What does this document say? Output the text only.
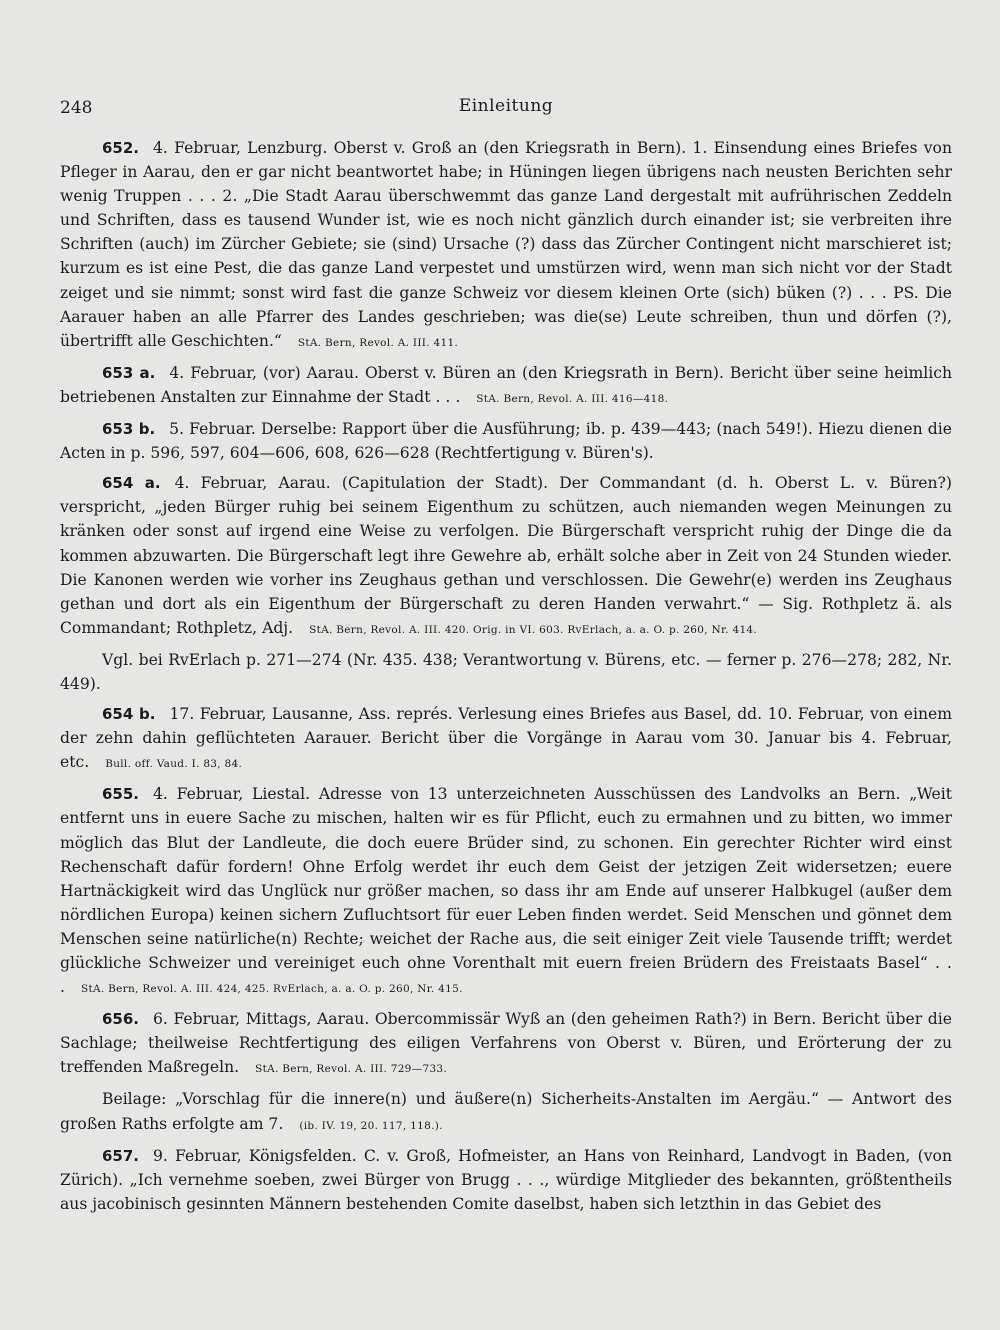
248	Einleitung

652. 4. Februar, Lenzburg. Oberst v. Groß an (den Kriegsrath in Bern). 1. Einsendung eines Briefes von Pfleger in Aarau, den er gar nicht beantwortet habe; in Hüningen liegen übrigens nach neusten Berichten sehr wenig Truppen . . . 2. „Die Stadt Aarau überschwemmt das ganze Land dergestalt mit aufrührischen Zeddeln und Schriften, dass es tausend Wunder ist, wie es noch nicht gänzlich durch einander ist; sie verbreiten ihre Schriften (auch) im Zürcher Gebiete; sie (sind) Ursache (?) dass das Zürcher Contingent nicht marschieret ist; kurzum es ist eine Pest, die das ganze Land verpestet und umstürzen wird, wenn man sich nicht vor der Stadt zeiget und sie nimmt; sonst wird fast die ganze Schweiz vor diesem kleinen Orte (sich) büken (?) . . . PS. Die Aarauer haben an alle Pfarrer des Landes geschrieben; was die(se) Leute schreiben, thun und dörfen (?), übertrifft alle Geschichten.“ StA. Bern, Revol. A. III. 411.

653 a. 4. Februar, (vor) Aarau. Oberst v. Büren an (den Kriegsrath in Bern). Bericht über seine heimlich betriebenen Anstalten zur Einnahme der Stadt . . . StA. Bern, Revol. A. III. 416—418.

653 b. 5. Februar. Derselbe: Rapport über die Ausführung; ib. p. 439—443; (nach 549!). Hiezu dienen die Acten in p. 596, 597, 604—606, 608, 626—628 (Rechtfertigung v. Büren's).

654 a. 4. Februar, Aarau. (Capitulation der Stadt). Der Commandant (d. h. Oberst L. v. Büren?) verspricht, „jeden Bürger ruhig bei seinem Eigenthum zu schützen, auch niemanden wegen Meinungen zu kränken oder sonst auf irgend eine Weise zu verfolgen. Die Bürgerschaft verspricht ruhig der Dinge die da kommen abzuwarten. Die Bürgerschaft legt ihre Gewehre ab, erhält solche aber in Zeit von 24 Stunden wieder. Die Kanonen werden wie vorher ins Zeughaus gethan und verschlossen. Die Gewehr(e) werden ins Zeughaus gethan und dort als ein Eigenthum der Bürgerschaft zu deren Handen verwahrt.“ — Sig. Rothpletz ä. als Commandant; Rothpletz, Adj. StA. Bern, Revol. A. III. 420. Orig. in VI. 603. RvErlach, a. a. O. p. 260, Nr. 414.

Vgl. bei RvErlach p. 271—274 (Nr. 435. 438; Verantwortung v. Bürens, etc. — ferner p. 276—278; 282, Nr. 449).

654 b. 17. Februar, Lausanne, Ass. représ. Verlesung eines Briefes aus Basel, dd. 10. Februar, von einem der zehn dahin geflüchteten Aarauer. Bericht über die Vorgänge in Aarau vom 30. Januar bis 4. Februar, etc. Bull. off. Vaud. I. 83, 84.

655. 4. Februar, Liestal. Adresse von 13 unterzeichneten Ausschüssen des Landvolks an Bern. „Weit entfernt uns in euere Sache zu mischen, halten wir es für Pflicht, euch zu ermahnen und zu bitten, wo immer möglich das Blut der Landleute, die doch euere Brüder sind, zu schonen. Ein gerechter Richter wird einst Rechenschaft dafür fordern! Ohne Erfolg werdet ihr euch dem Geist der jetzigen Zeit widersetzen; euere Hartnäckigkeit wird das Unglück nur größer machen, so dass ihr am Ende auf unserer Halbkugel (außer dem nördlichen Europa) keinen sichern Zufluchtsort für euer Leben finden werdet. Seid Menschen und gönnet dem Menschen seine natürliche(n) Rechte; weichet der Rache aus, die seit einiger Zeit viele Tausende trifft; werdet glückliche Schweizer und vereiniget euch ohne Vorenthalt mit euern freien Brüdern des Freistaats Basel“ . . . StA. Bern, Revol. A. III. 424, 425. RvErlach, a. a. O. p. 260, Nr. 415.

656. 6. Februar, Mittags, Aarau. Obercommissär Wyß an (den geheimen Rath?) in Bern. Bericht über die Sachlage; theilweise Rechtfertigung des eiligen Verfahrens von Oberst v. Büren, und Erörterung der zu treffenden Maßregeln. StA. Bern, Revol. A. III. 729—733.

Beilage: „Vorschlag für die innere(n) und äußere(n) Sicherheits-Anstalten im Aergäu.“ — Antwort des großen Raths erfolgte am 7. (ib. IV. 19, 20. 117, 118.).

657. 9. Februar, Königsfelden. C. v. Groß, Hofmeister, an Hans von Reinhard, Landvogt in Baden, (von Zürich). „Ich vernehme soeben, zwei Bürger von Brugg . . ., würdige Mitglieder des bekannten, größtentheils aus jacobinisch gesinnten Männern bestehenden Comite daselbst, haben sich letzthin in das Gebiet des
